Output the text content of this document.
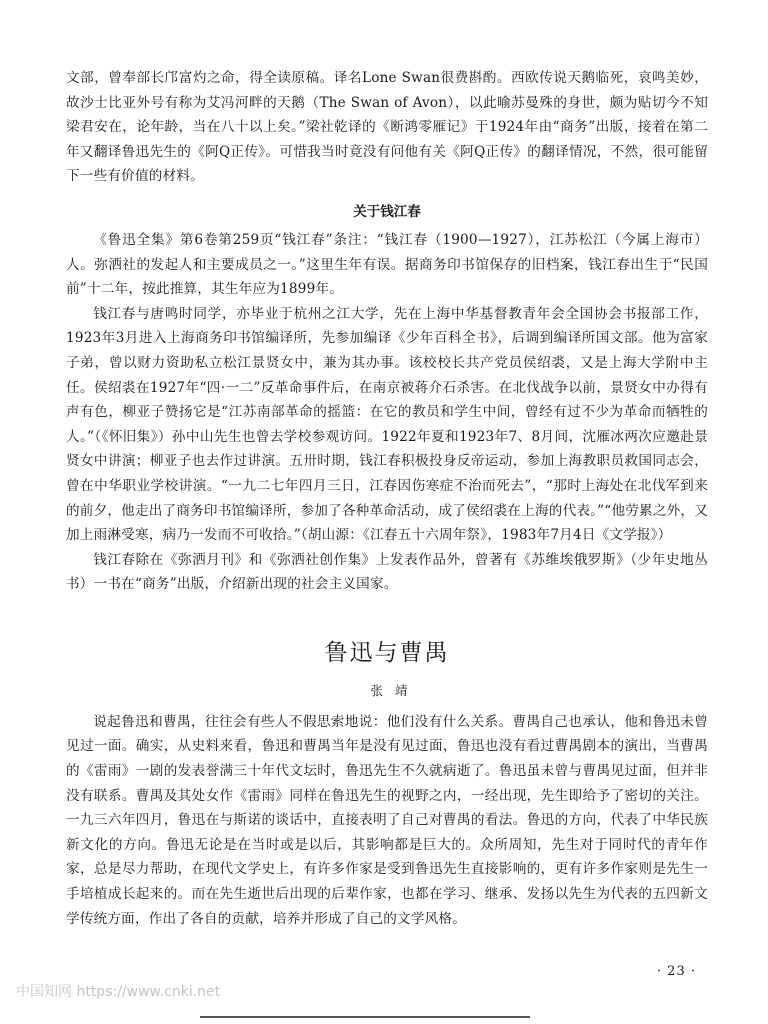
文部，曾奉部长邝富灼之命，得全读原稿。译名Lone Swan很费斟酌。西欧传说天鹅临死，哀鸣美妙，故沙士比亚外号有称为艾冯河畔的天鹅（The Swan of Avon），以此喻苏曼殊的身世，颇为贴切今不知梁君安在，论年龄，当在八十以上矣。”梁社乾译的《断鸿零雁记》于1924年由“商务”出版，接着在第二年又翻译鲁迅先生的《阿Q正传》。可惜我当时竟没有问他有关《阿Q正传》的翻译情况，不然，很可能留下一些有价值的材料。

关于钱江春

《鲁迅全集》第6卷第259页“钱江春”条注：“钱江春（1900—1927），江苏松江（今属上海市）人。弥洒社的发起人和主要成员之一。”这里生年有误。据商务印书馆保存的旧档案，钱江春出生于“民国前”十二年，按此推算，其生年应为1899年。

钱江春与唐鸣时同学，亦毕业于杭州之江大学，先在上海中华基督教青年会全国协会书报部工作，1923年3月进入上海商务印书馆编译所，先参加编译《少年百科全书》，后调到编译所国文部。他为富家子弟，曾以财力资助私立松江景贤女中，兼为其办事。该校校长共产党员侯绍裘，又是上海大学附中主任。侯绍裘在1927年“四·一二”反革命事件后，在南京被蒋介石杀害。在北伐战争以前，景贤女中办得有声有色，柳亚子赞扬它是“江苏南部革命的摇篮：在它的教员和学生中间，曾经有过不少为革命而牺牲的人。”（《怀旧集》）孙中山先生也曾去学校参观访问。1922年夏和1923年7、8月间，沈雁冰两次应邀赴景贤女中讲演；柳亚子也去作过讲演。五卅时期，钱江春积极投身反帝运动，参加上海教职员救国同志会，曾在中华职业学校讲演。“一九二七年四月三日，江春因伤寒症不治而死去”，“那时上海处在北伐军到来的前夕，他走出了商务印书馆编译所，参加了各种革命活动，成了侯绍裘在上海的代表。”“他劳累之外，又加上雨淋受寒，病乃一发而不可收拾。”（胡山源：《江春五十六周年祭》，1983年7月4日《文学报》）

钱江春除在《弥洒月刊》和《弥洒社创作集》上发表作品外，曾著有《苏维埃俄罗斯》（少年史地丛书）一书在“商务”出版，介绍新出现的社会主义国家。

鲁迅与曹禺
张靖

说起鲁迅和曹禺，往往会有些人不假思索地说：他们没有什么关系。曹禺自己也承认，他和鲁迅未曾见过一面。确实，从史料来看，鲁迅和曹禺当年是没有见过面，鲁迅也没有看过曹禺剧本的演出，当曹禺的《雷雨》一剧的发表誉满三十年代文坛时，鲁迅先生不久就病逝了。鲁迅虽未曾与曹禺见过面，但并非没有联系。曹禺及其处女作《雷雨》同样在鲁迅先生的视野之内，一经出现，先生即给予了密切的关注。一九三六年四月，鲁迅在与斯诺的谈话中，直接表明了自己对曹禺的看法。鲁迅的方向，代表了中华民族新文化的方向。鲁迅无论是在当时或是以后，其影响都是巨大的。众所周知，先生对于同时代的青年作家，总是尽力帮助，在现代文学史上，有许多作家是受到鲁迅先生直接影响的，更有许多作家则是先生一手培植成长起来的。而在先生逝世后出现的后辈作家，也都在学习、继承、发扬以先生为代表的五四新文学传统方面，作出了各自的贡献，培养并形成了自己的文学风格。

· 23 ·
中国知网 https://www.cnki.net
